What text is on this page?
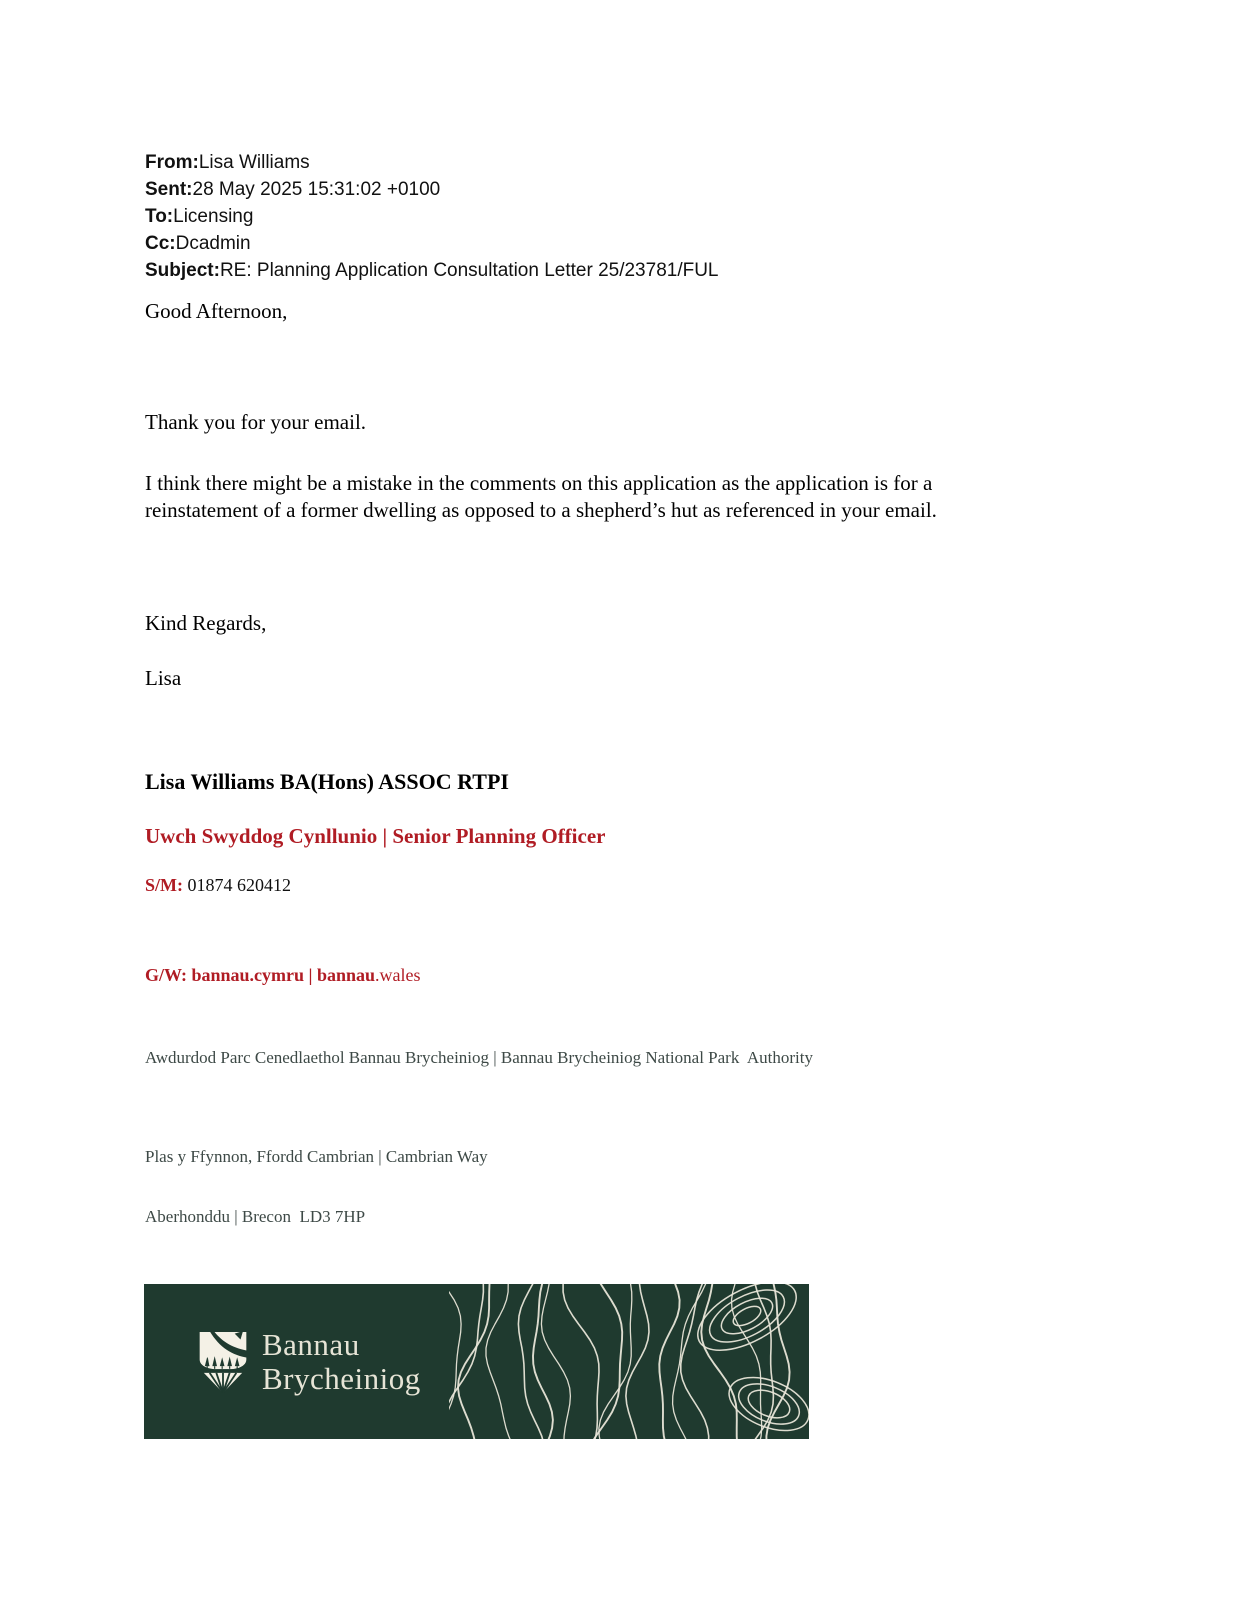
From:Lisa Williams
Sent:28 May 2025 15:31:02 +0100
To:Licensing
Cc:Dcadmin
Subject:RE: Planning Application Consultation Letter 25/23781/FUL
Good Afternoon,
Thank you for your email.
I think there might be a mistake in the comments on this application as the application is for a reinstatement of a former dwelling as opposed to a shepherd’s hut as referenced in your email.
Kind Regards,
Lisa
Lisa Williams BA(Hons) ASSOC RTPI
Uwch Swyddog Cynllunio | Senior Planning Officer
S/M: 01874 620412
G/W: bannau.cymru | bannau.wales
Awdurdod Parc Cenedlaethol Bannau Brycheiniog | Bannau Brycheiniog National Park  Authority

Plas y Ffynnon, Ffordd Cambrian | Cambrian Way

Aberhonddu | Brecon  LD3 7HP

Bannau
Brycheiniog
